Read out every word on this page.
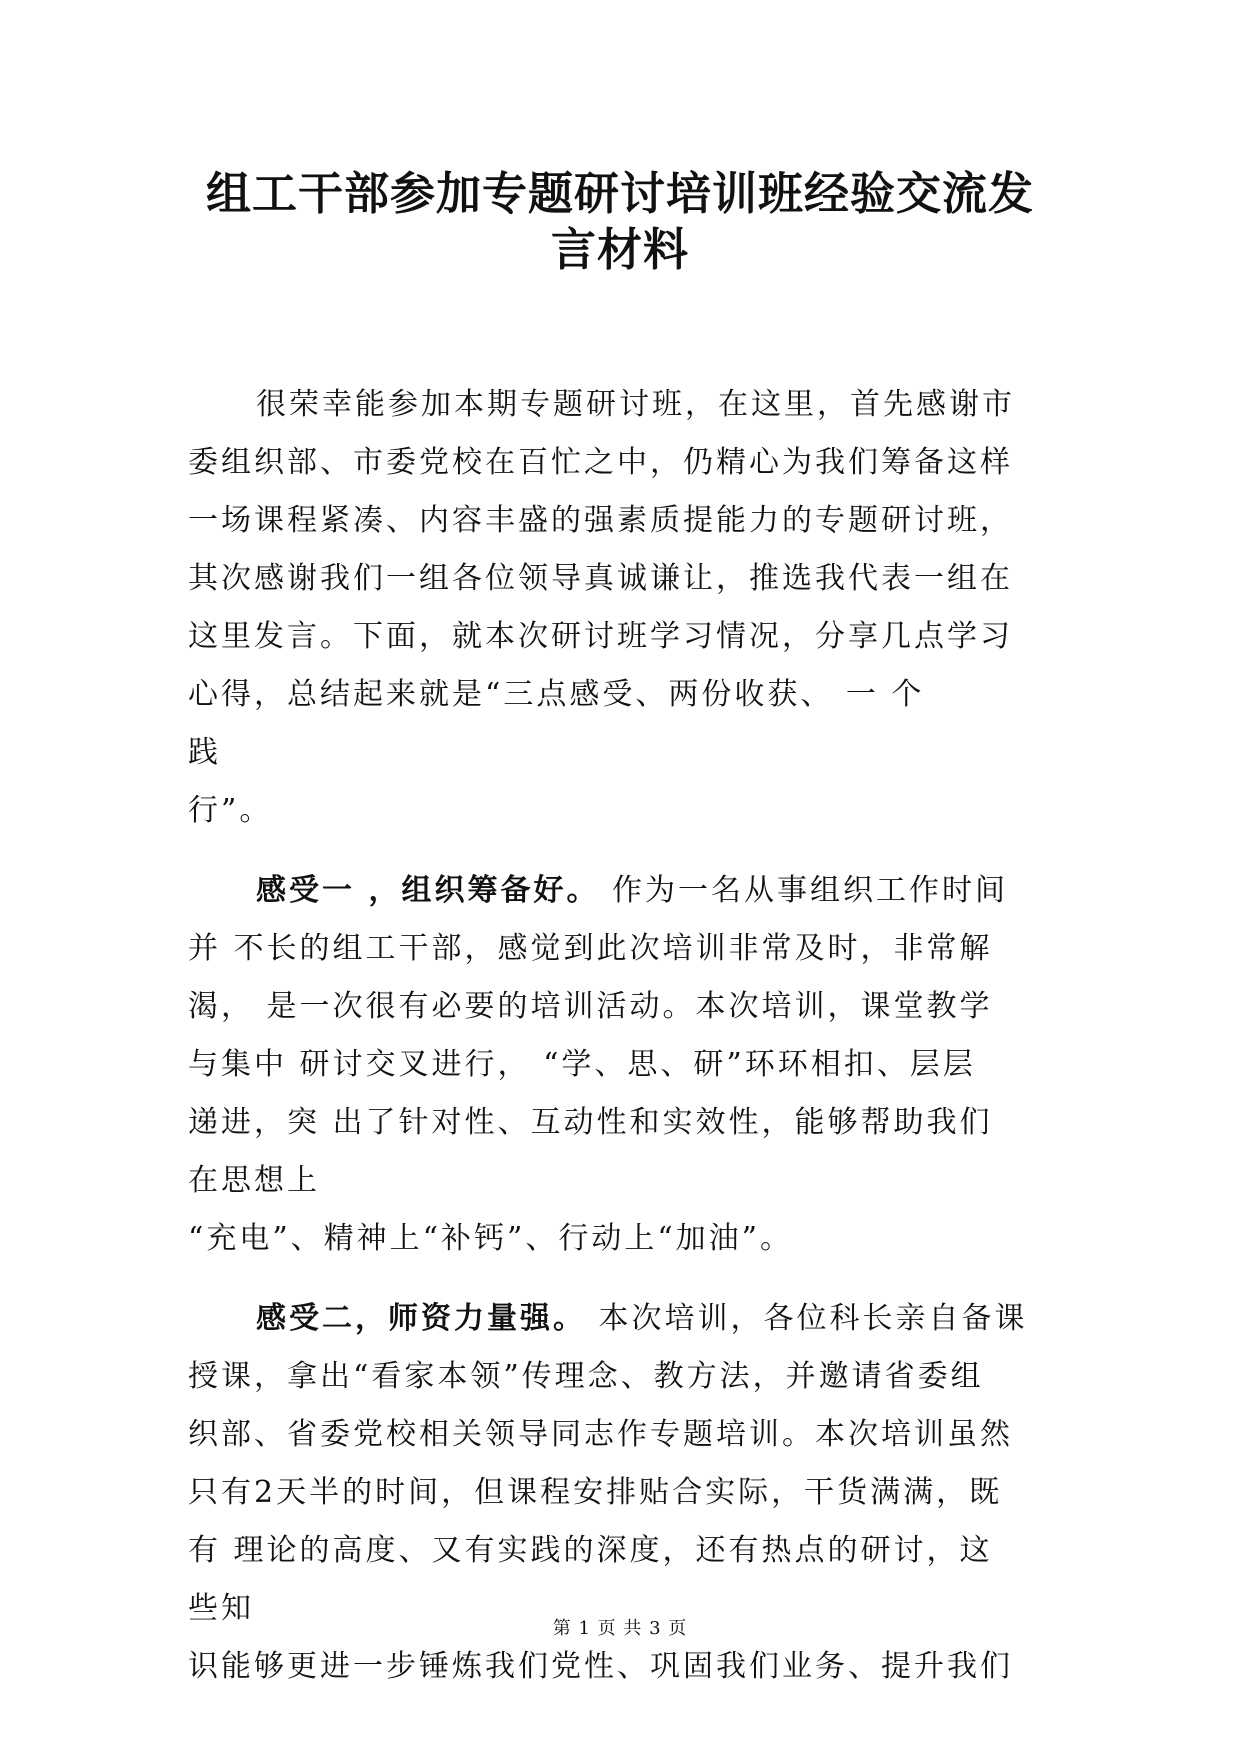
组工干部参加专题研讨培训班经验交流发言材料
很荣幸能参加本期专题研讨班，在这里，首先感谢市
委组织部、市委党校在百忙之中，仍精心为我们筹备这样
一场课程紧凑、内容丰盛的强素质提能力的专题研讨班，
其次感谢我们一组各位领导真诚谦让，推选我代表一组在
这里发言。下面，就本次研讨班学习情况，分享几点学习
心得，总结起来就是“三点感受、两份收获、 一 个
践
行”。
感受一 ，组织筹备好。 作为一名从事组织工作时间
并 不长的组工干部，感觉到此次培训非常及时，非常解
渴， 是一次很有必要的培训活动。本次培训，课堂教学
与集中 研讨交叉进行， “学、思、研”环环相扣、层层
递进，突 出了针对性、互动性和实效性，能够帮助我们
在思想上
“充电”、精神上“补钙”、行动上“加油”。
感受二，师资力量强。 本次培训，各位科长亲自备课
授课，拿出“看家本领”传理念、教方法，并邀请省委组
织部、省委党校相关领导同志作专题培训。本次培训虽然
只有2天半的时间，但课程安排贴合实际，干货满满，既
有 理论的高度、又有实践的深度，还有热点的研讨，这
些知
识能够更进一步锤炼我们党性、巩固我们业务、提升我们
第 1 页 共 3 页
